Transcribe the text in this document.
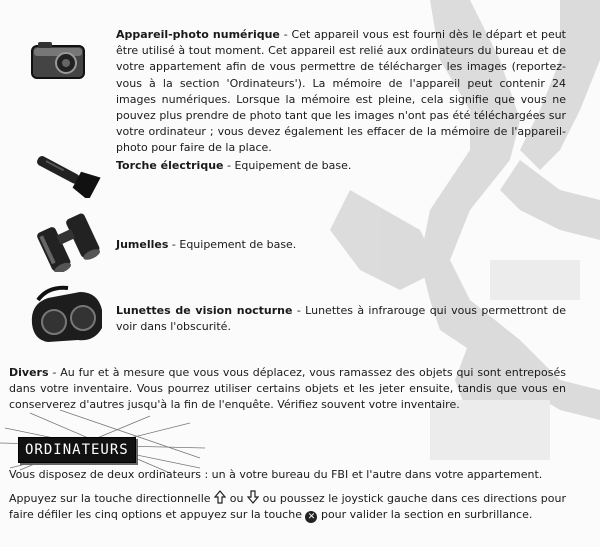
Appareil-photo numérique - Cet appareil vous est fourni dès le départ et peut être utilisé à tout moment. Cet appareil est relié aux ordinateurs du bureau et de votre appartement afin de vous permettre de télécharger les images (reportez-vous à la section 'Ordinateurs'). La mémoire de l'appareil peut contenir 24 images numériques. Lorsque la mémoire est pleine, cela signifie que vous ne pouvez plus prendre de photo tant que les images n'ont pas été téléchargées sur votre ordinateur ; vous devez également les effacer de la mémoire de l'appareil-photo pour faire de la place.
Torche électrique - Equipement de base.
Jumelles - Equipement de base.
Lunettes de vision nocturne - Lunettes à infrarouge qui vous permettront de voir dans l'obscurité.
Divers - Au fur et à mesure que vous vous déplacez, vous ramassez des objets qui sont entreposés dans votre inventaire. Vous pourrez utiliser certains objets et les jeter ensuite, tandis que vous en conserverez d'autres jusqu'à la fin de l'enquête. Vérifiez souvent votre inventaire.
ORDINATEURS
Vous disposez de deux ordinateurs : un à votre bureau du FBI et l'autre dans votre appartement.
Appuyez sur la touche directionnelle  ou  ou poussez le joystick gauche dans ces directions pour faire défiler les cinq options et appuyez sur la touche ✕ pour valider la section en surbrillance.
